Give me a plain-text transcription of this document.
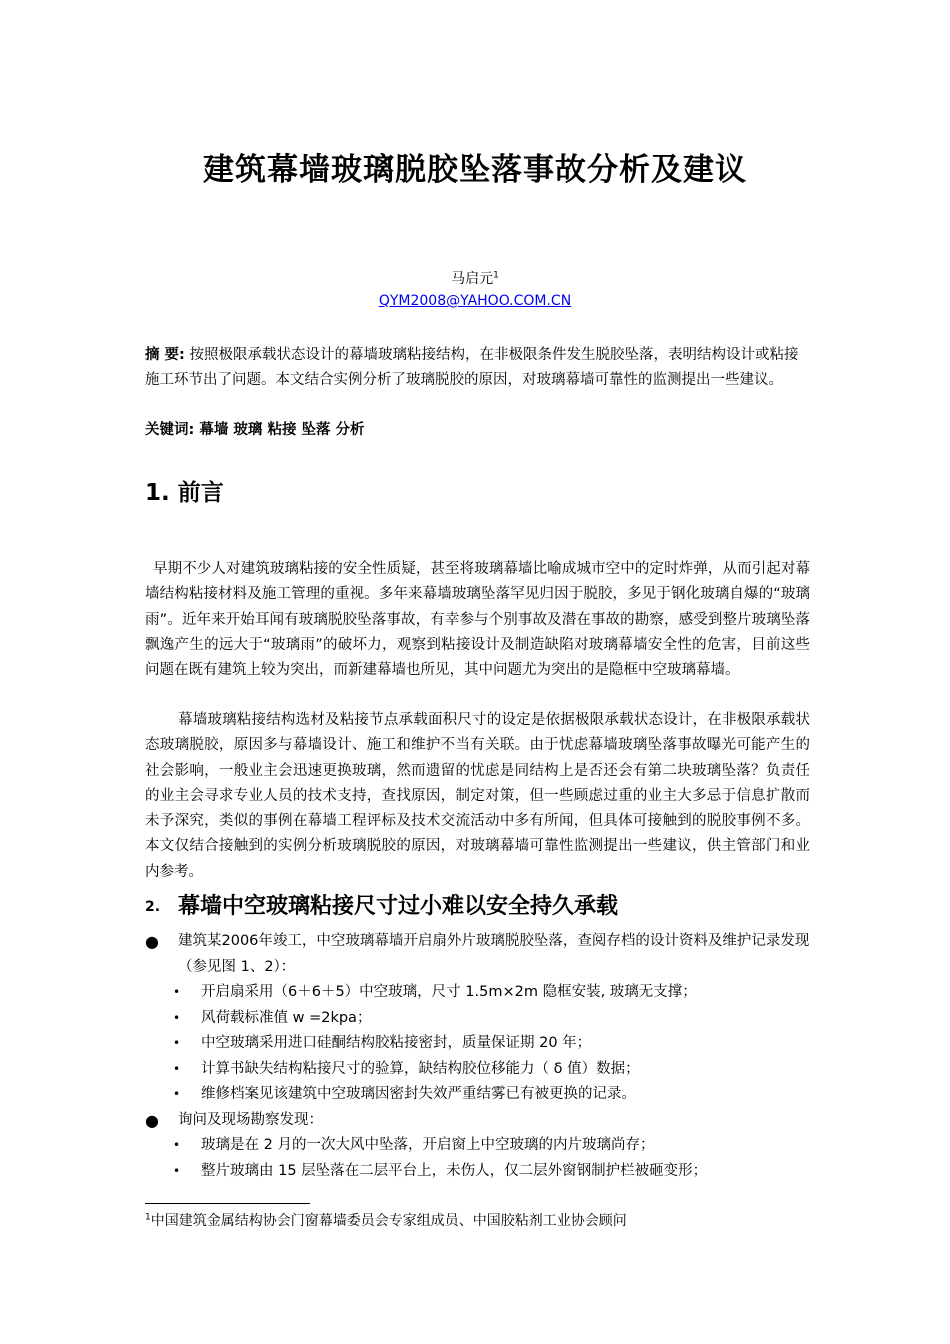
建筑幕墙玻璃脱胶坠落事故分析及建议
马启元$^1$
QYM2008@YAHOO.COM.CN
摘 要: 按照极限承载状态设计的幕墙玻璃粘接结构，在非极限条件发生脱胶坠落，表明结构设计或粘接施工环节出了问题。本文结合实例分析了玻璃脱胶的原因，对玻璃幕墙可靠性的监测提出一些建议。
关键词: 幕墙 玻璃 粘接 坠落 分析
1. 前言
早期不少人对建筑玻璃粘接的安全性质疑，甚至将玻璃幕墙比喻成城市空中的定时炸弹，从而引起对幕墙结构粘接材料及施工管理的重视。多年来幕墙玻璃坠落罕见归因于脱胶，多见于钢化玻璃自爆的“玻璃雨”。近年来开始耳闻有玻璃脱胶坠落事故，有幸参与个别事故及潜在事故的勘察，感受到整片玻璃坠落飘逸产生的远大于“玻璃雨”的破坏力，观察到粘接设计及制造缺陷对玻璃幕墙安全性的危害，目前这些问题在既有建筑上较为突出，而新建幕墙也所见，其中问题尤为突出的是隐框中空玻璃幕墙。
幕墙玻璃粘接结构选材及粘接节点承载面积尺寸的设定是依据极限承载状态设计，在非极限承载状态玻璃脱胶，原因多与幕墙设计、施工和维护不当有关联。由于忧虑幕墙玻璃坠落事故曝光可能产生的社会影响，一般业主会迅速更换玻璃，然而遗留的忧虑是同结构上是否还会有第二块玻璃坠落？负责任的业主会寻求专业人员的技术支持，查找原因，制定对策，但一些顾虑过重的业主大多忌于信息扩散而未予深究，类似的事例在幕墙工程评标及技术交流活动中多有所闻，但具体可接触到的脱胶事例不多。本文仅结合接触到的实例分析玻璃脱胶的原因，对玻璃幕墙可靠性监测提出一些建议，供主管部门和业内参考。
2. 幕墙中空玻璃粘接尺寸过小难以安全持久承载
● 建筑某2006年竣工，中空玻璃幕墙开启扇外片玻璃脱胶坠落，查阅存档的设计资料及维护记录发现（参见图 1、2）：
• 开启扇采用（6＋6＋5）中空玻璃，尺寸 1.5m×2m 隐框安装, 玻璃无支撑；
• 风荷载标准值 w =2kpa；
• 中空玻璃采用进口硅酮结构胶粘接密封，质量保证期 20 年；
• 计算书缺失结构粘接尺寸的验算，缺结构胶位移能力（ δ 值）数据；
• 维修档案见该建筑中空玻璃因密封失效严重结雾已有被更换的记录。
● 询问及现场勘察发现：
• 玻璃是在 2 月的一次大风中坠落，开启窗上中空玻璃的内片玻璃尚存；
• 整片玻璃由 15 层坠落在二层平台上，未伤人，仅二层外窗钢制护栏被砸变形；
$^1$中国建筑金属结构协会门窗幕墙委员会专家组成员、中国胶粘剂工业协会顾问
